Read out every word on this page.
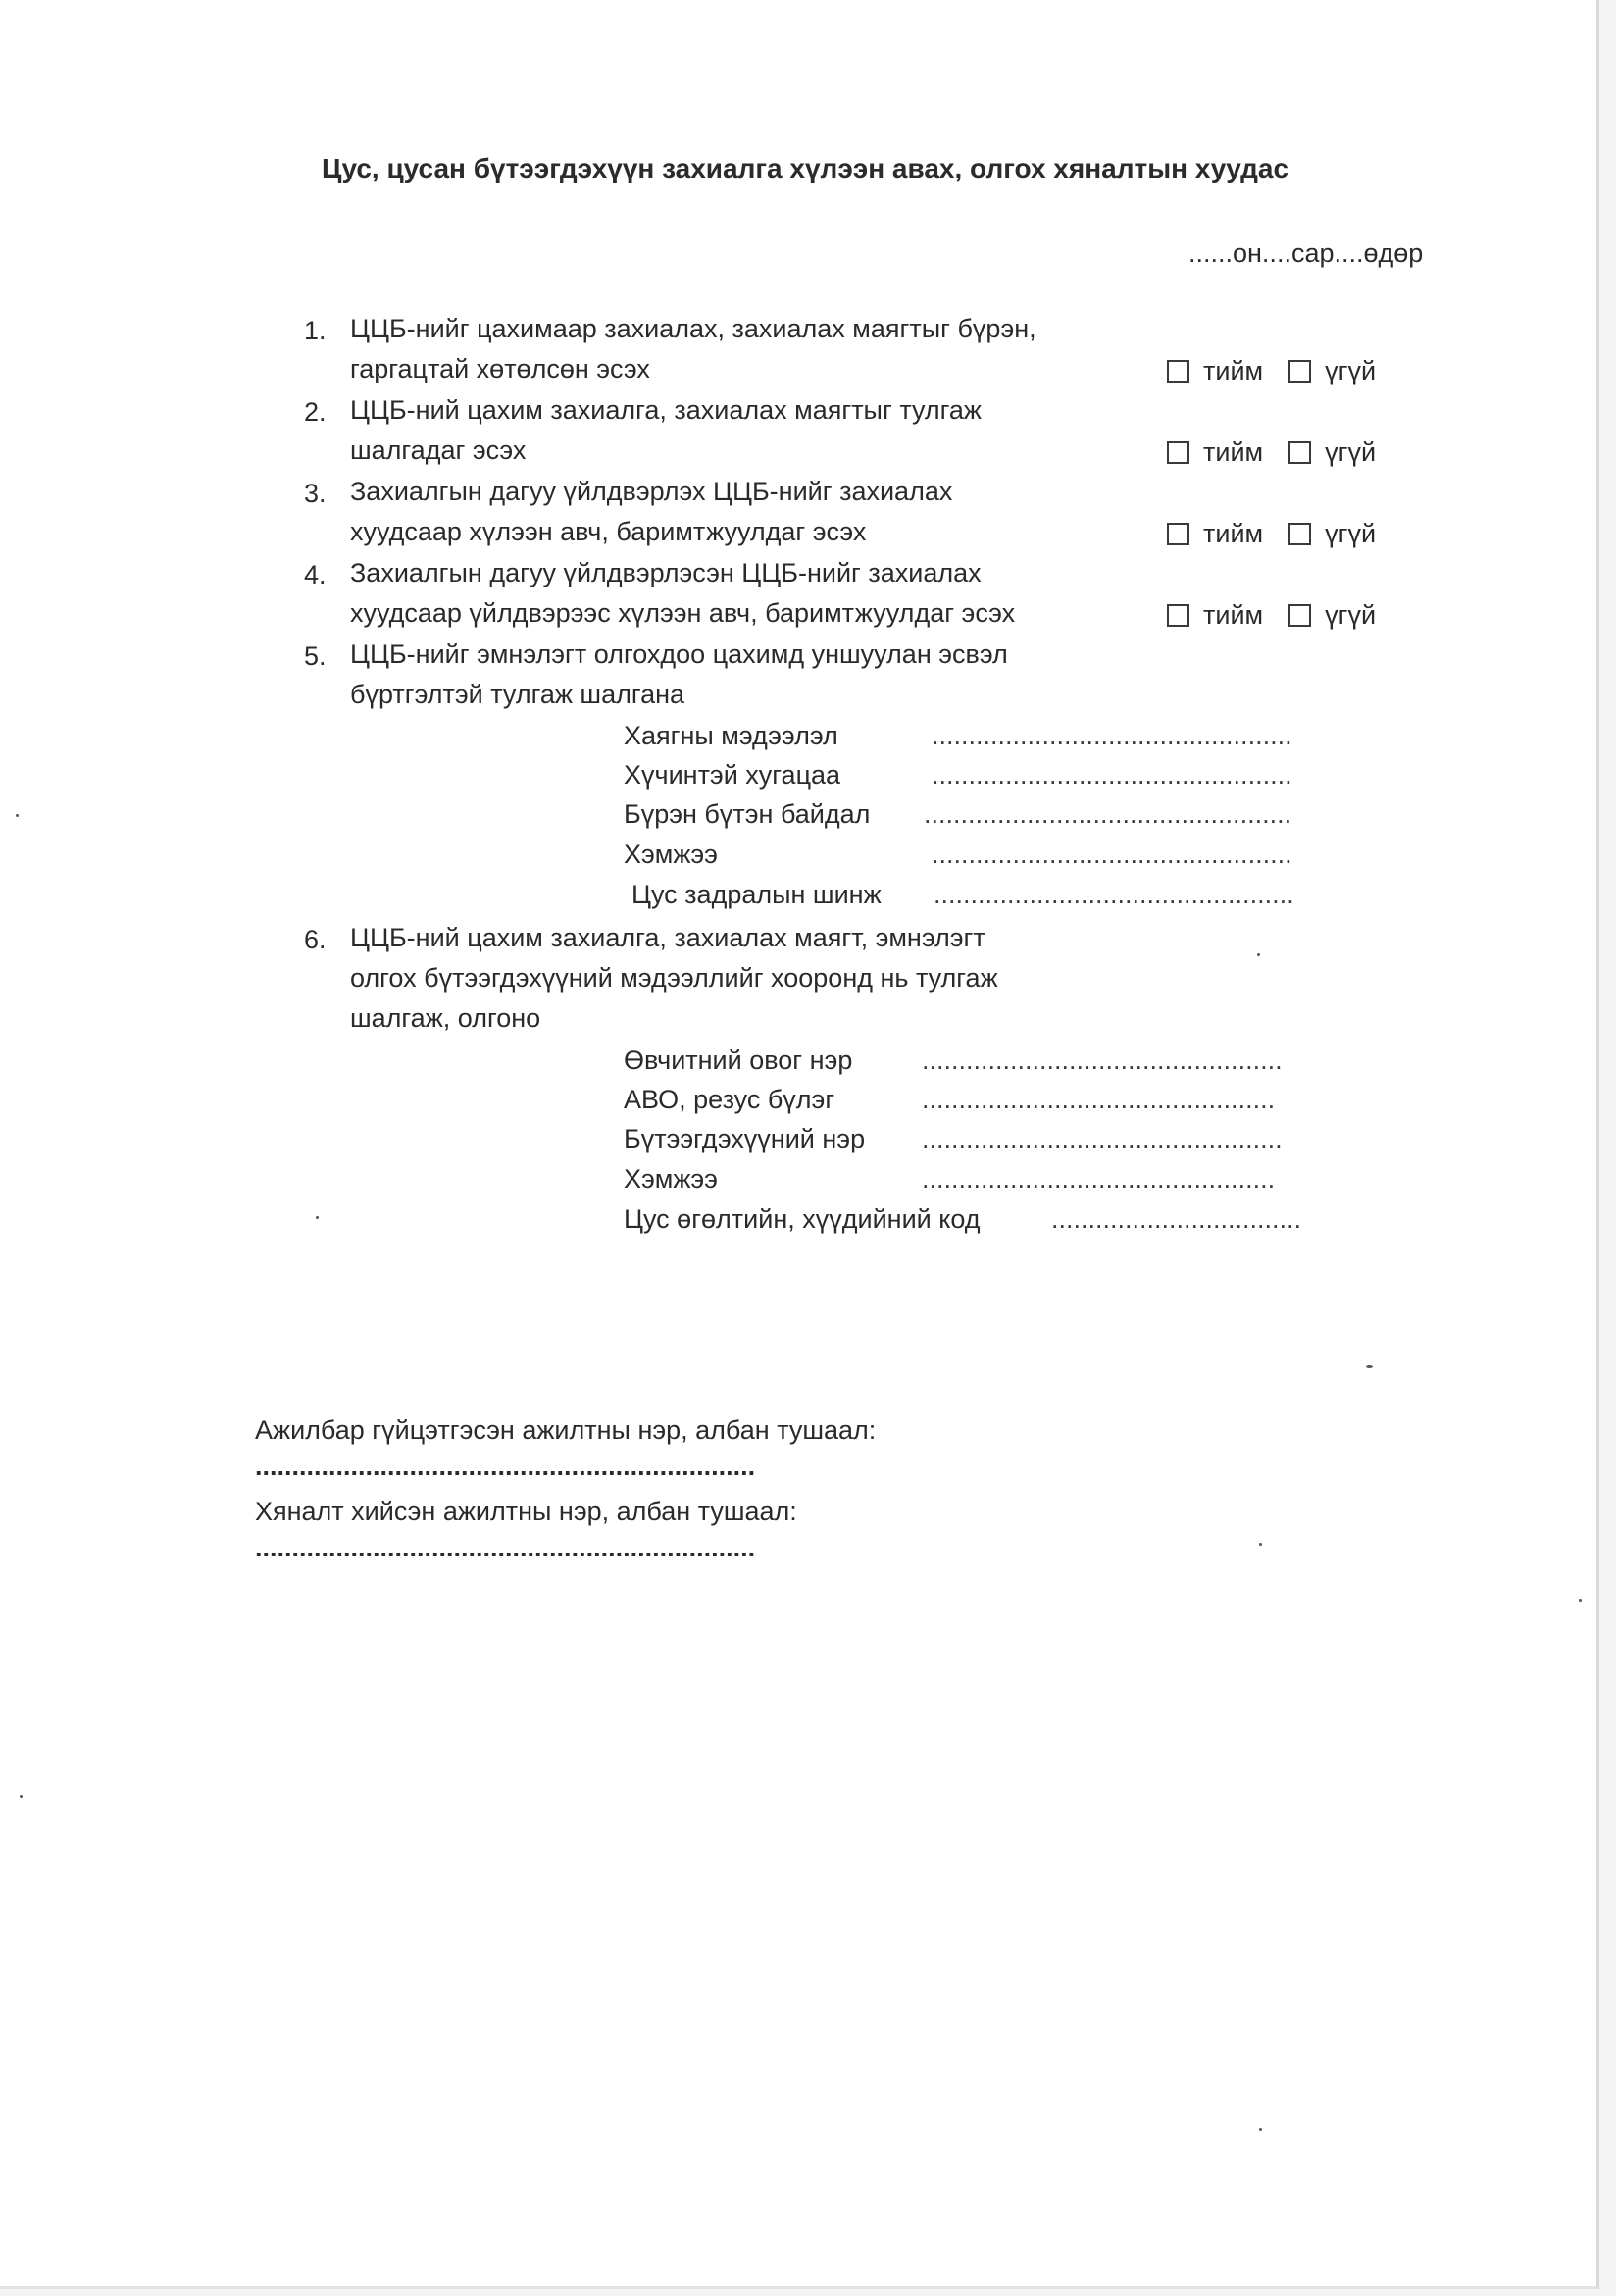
Цус, цусан бүтээгдэхүүн захиалга хүлээн авах, олгох хяналтын хуудас
......он....сар....өдөр
1. ЦЦБ-нийг цахимаар захиалах, захиалах маягтыг бүрэн,
гаргацтай хөтөлсөн эсэх	тийм үгүй
2. ЦЦБ-ний цахим захиалга, захиалах маягтыг тулгаж
шалгадаг эсэх	тийм үгүй
3. Захиалгын дагуу үйлдвэрлэх ЦЦБ-нийг захиалах
хуудсаар хүлээн авч, баримтжуулдаг эсэх	тийм үгүй
4. Захиалгын дагуу үйлдвэрлэсэн ЦЦБ-нийг захиалах
хуудсаар үйлдвэрээс хүлээн авч, баримтжуулдаг эсэх	тийм үгүй
5. ЦЦБ-нийг эмнэлэгт олгохдоо цахимд уншуулан эсвэл
бүртгэлтэй тулгаж шалгана
Хаягны мэдээлэл	.................................................
Хүчинтэй хугацаа	.................................................
Бүрэн бүтэн байдал ..................................................
Хэмжээ	.................................................
Цус задралын шинж .................................................
6. ЦЦБ-ний цахим захиалга, захиалах маягт, эмнэлэгт
олгох бүтээгдэхүүний мэдээллийг хооронд нь тулгаж
шалгаж, олгоно
Өвчитний овог нэр	.................................................
АВО, резус бүлэг	................................................
Бүтээгдэхүүний нэр .................................................
Хэмжээ	................................................
Цус өгөлтийн, хүүдийний код	..................................
Ажилбар гүйцэтгэсэн ажилтны нэр, албан тушаал:
....................................................................
Хяналт хийсэн ажилтны нэр, албан тушаал:
....................................................................
